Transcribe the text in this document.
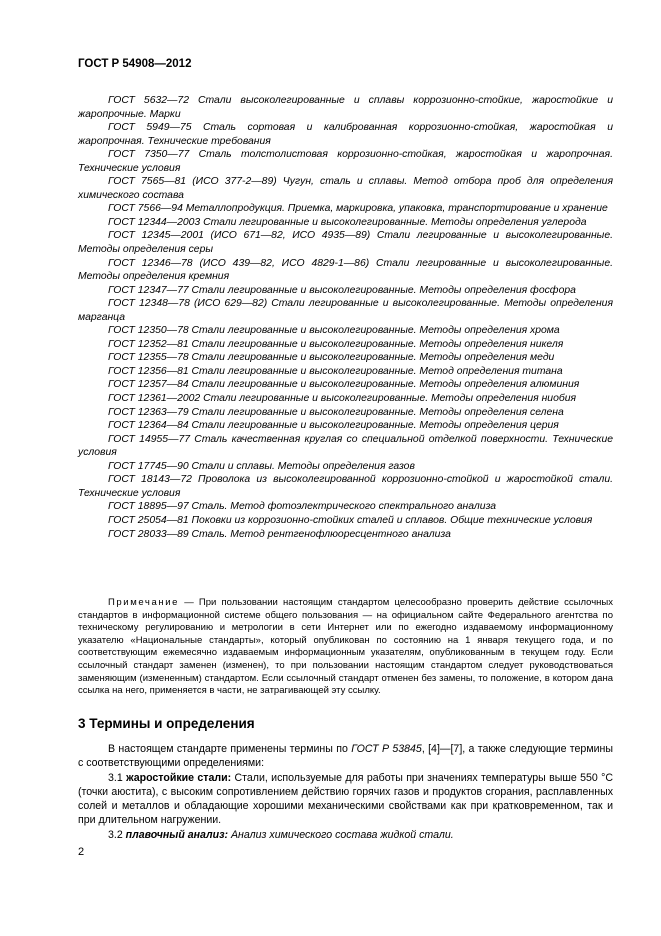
ГОСТ Р 54908—2012

ГОСТ 5632—72 Стали высоколегированные и сплавы коррозионно-стойкие, жаростойкие и жаропрочные. Марки

ГОСТ 5949—75 Сталь сортовая и калиброванная коррозионно-стойкая, жаростойкая и жаропрочная. Технические требования

ГОСТ 7350—77 Сталь толстолистовая коррозионно-стойкая, жаростойкая и жаропрочная. Технические условия

ГОСТ 7565—81 (ИСО 377-2—89) Чугун, сталь и сплавы. Метод отбора проб для определения химического состава

ГОСТ 7566—94 Металлопродукция. Приемка, маркировка, упаковка, транспортирование и хранение

ГОСТ 12344—2003 Стали легированные и высоколегированные. Методы определения углерода

ГОСТ 12345—2001 (ИСО 671—82, ИСО 4935—89) Стали легированные и высоколегированные. Методы определения серы

ГОСТ 12346—78 (ИСО 439—82, ИСО 4829-1—86) Стали легированные и высоколегированные. Методы определения кремния

ГОСТ 12347—77 Стали легированные и высоколегированные. Методы определения фосфора

ГОСТ 12348—78 (ИСО 629—82) Стали легированные и высоколегированные. Методы определения марганца

ГОСТ 12350—78 Стали легированные и высоколегированные. Методы определения хрома

ГОСТ 12352—81 Стали легированные и высоколегированные. Методы определения никеля

ГОСТ 12355—78 Стали легированные и высоколегированные. Методы определения меди

ГОСТ 12356—81 Стали легированные и высоколегированные. Метод определения титана

ГОСТ 12357—84 Стали легированные и высоколегированные. Методы определения алюминия

ГОСТ 12361—2002 Стали легированные и высоколегированные. Методы определения ниобия

ГОСТ 12363—79 Стали легированные и высоколегированные. Методы определения селена

ГОСТ 12364—84 Стали легированные и высоколегированные. Методы определения церия

ГОСТ 14955—77 Сталь качественная круглая со специальной отделкой поверхности. Технические условия

ГОСТ 17745—90 Стали и сплавы. Методы определения газов

ГОСТ 18143—72 Проволока из высоколегированной коррозионно-стойкой и жаростойкой стали. Технические условия

ГОСТ 18895—97 Сталь. Метод фотоэлектрического спектрального анализа

ГОСТ 25054—81 Поковки из коррозионно-стойких сталей и сплавов. Общие технические условия

ГОСТ 28033—89 Сталь. Метод рентгенофлюоресцентного анализа

Примечание — При пользовании настоящим стандартом целесообразно проверить действие ссылочных стандартов в информационной системе общего пользования — на официальном сайте Федерального агентства по техническому регулированию и метрологии в сети Интернет или по ежегодно издаваемому информационному указателю «Национальные стандарты», который опубликован по состоянию на 1 января текущего года, и по соответствующим ежемесячно издаваемым информационным указателям, опубликованным в текущем году. Если ссылочный стандарт заменен (изменен), то при пользовании настоящим стандартом следует руководствоваться заменяющим (измененным) стандартом. Если ссылочный стандарт отменен без замены, то положение, в котором дана ссылка на него, применяется в части, не затрагивающей эту ссылку.

3 Термины и определения

В настоящем стандарте применены термины по ГОСТ Р 53845, [4]—[7], а также следующие термины с соответствующими определениями:

3.1 жаростойкие стали: Стали, используемые для работы при значениях температуры выше 550 °С (точки аюстита), с высоким сопротивлением действию горячих газов и продуктов сгорания, расплавленных солей и металлов и обладающие хорошими механическими свойствами как при кратковременном, так и при длительном нагружении.

3.2 плавочный анализ: Анализ химического состава жидкой стали.

2
